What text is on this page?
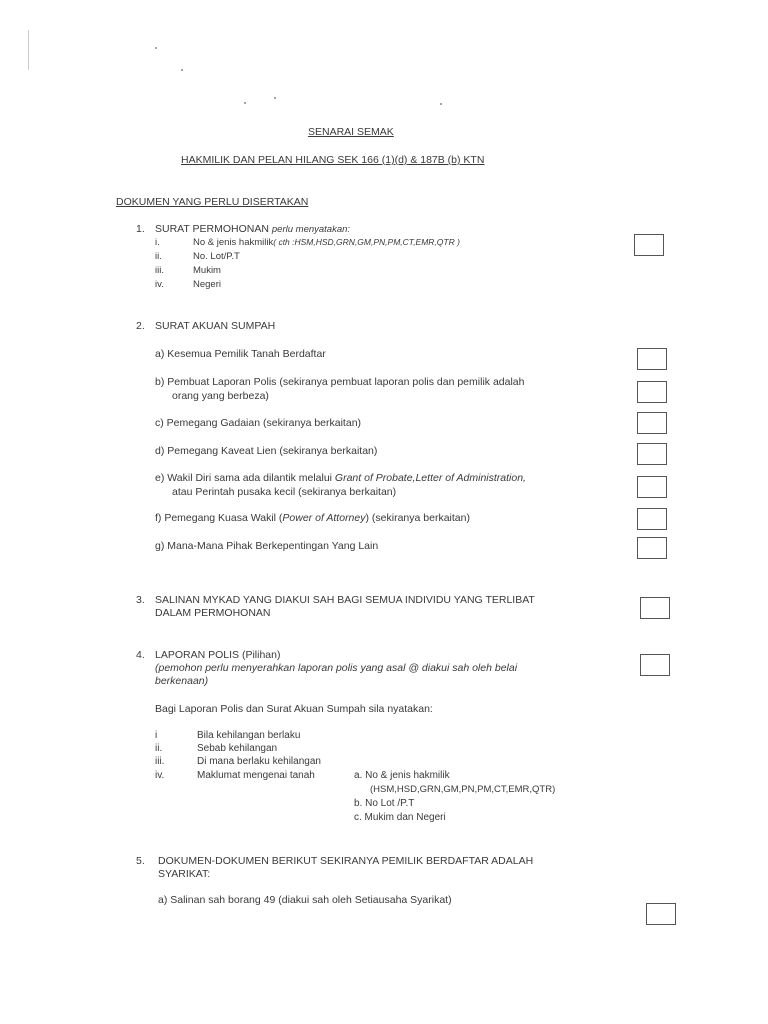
SENARAI SEMAK
HAKMILIK DAN PELAN HILANG SEK 166 (1)(d) & 187B (b) KTN
DOKUMEN YANG PERLU DISERTAKAN
1. SURAT PERMOHONAN perlu menyatakan:
i.	No & jenis hakmilik( cth :HSM,HSD,GRN,GM,PN,PM,CT,EMR,QTR )
ii.	No. Lot/P.T
iii.	Mukim
iv.	Negeri
2. SURAT AKUAN SUMPAH
a) Kesemua Pemilik Tanah Berdaftar
b) Pembuat Laporan Polis (sekiranya pembuat laporan polis dan pemilik adalah
orang yang berbeza)
c) Pemegang Gadaian (sekiranya berkaitan)
d) Pemegang Kaveat Lien (sekiranya berkaitan)
e) Wakil Diri sama ada dilantik melalui Grant of Probate,Letter of Administration,
atau Perintah pusaka kecil (sekiranya berkaitan)
f) Pemegang Kuasa Wakil (Power of Attorney) (sekiranya berkaitan)
g) Mana-Mana Pihak Berkepentingan Yang Lain
3. SALINAN MYKAD YANG DIAKUI SAH BAGI SEMUA INDIVIDU YANG TERLIBAT
DALAM PERMOHONAN
4. LAPORAN POLIS (Pilihan)
(pemohon perlu menyerahkan laporan polis yang asal @ diakui sah oleh belai
berkenaan)
Bagi Laporan Polis dan Surat Akuan Sumpah sila nyatakan:
i	Bila kehilangan berlaku
ii.	Sebab kehilangan
iii.	Di mana berlaku kehilangan
iv.	Maklumat mengenai tanah	a. No & jenis hakmilik
(HSM,HSD,GRN,GM,PN,PM,CT,EMR,QTR)
b. No Lot /P.T
c. Mukim dan Negeri
5. DOKUMEN-DOKUMEN BERIKUT SEKIRANYA PEMILIK BERDAFTAR ADALAH
SYARIKAT:
a) Salinan sah borang 49 (diakui sah oleh Setiausaha Syarikat)
